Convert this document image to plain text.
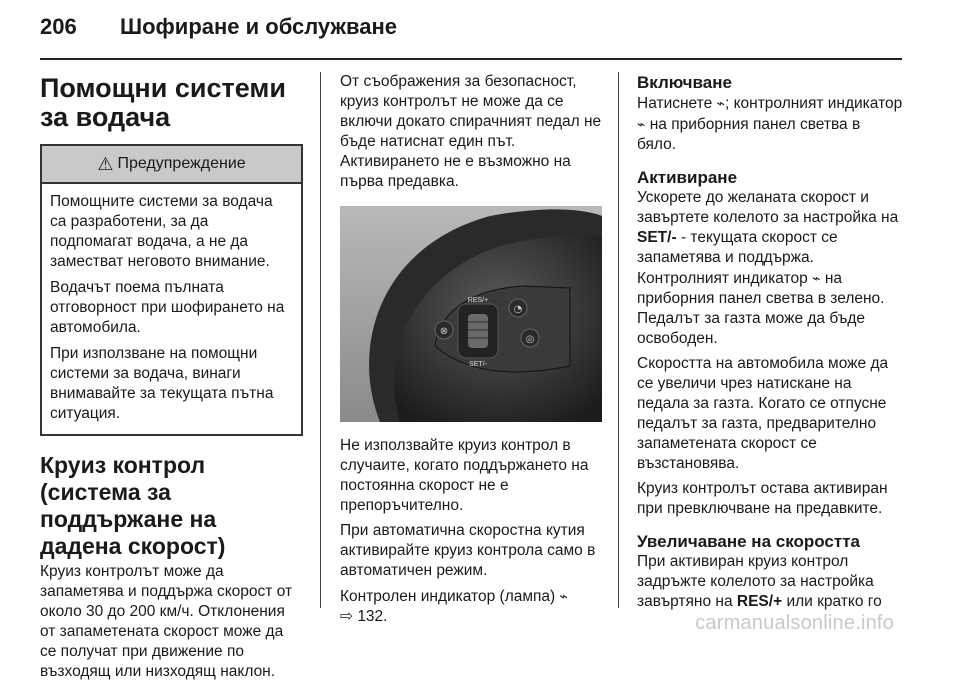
206	Шофиране и обслужване
Помощни системи за водача
⚠ Предупреждение

Помощните системи за водача са разработени, за да подпомагат водача, а не да заместват неговото внимание.

Водачът поема пълната отговорност при шофирането на автомобила.

При използване на помощни системи за водача, винаги внимавайте за текущата пътна ситуация.

Круиз контрол (система за поддържане на дадена скорост)

Круиз контролът може да запаметява и поддържа скорост от около 30 до 200 км/ч. Отклонения от запаметената скорост може да се получат при движение по възходящ или низходящ наклон.

От съображения за безопасност, круиз контролът не може да се включи докато спирачният педал не бъде натиснат един път. Активирането не е възможно на първа предавка.

RES/+
SET/-
⊗
◔
◎

Не използвайте круиз контрол в случаите, когато поддържането на постоянна скорост не е препоръчително.

При автоматична скоростна кутия активирайте круиз контрола само в автоматичен режим.

Контролен индикатор (лампа) ⌁
⇨ 132.

Включване

Натиснете ⌁; контролният индикатор ⌁ на приборния панел светва в бяло.

Активиране

Ускорете до желаната скорост и завъртете колелото за настройка на SET/- - текущата скорост се запаметява и поддържа. Контролният индикатор ⌁ на приборния панел светва в зелено. Педалът за газта може да бъде освободен.

Скоростта на автомобила може да се увеличи чрез натискане на педала за газта. Когато се отпусне педалът за газта, предварително запаметената скорост се възстановява.

Круиз контролът остава активиран при превключване на предавките.

Увеличаване на скоростта

При активиран круиз контрол задръжте колелото за настройка завъртяно на RES/+ или кратко го

carmanualsonline.info
